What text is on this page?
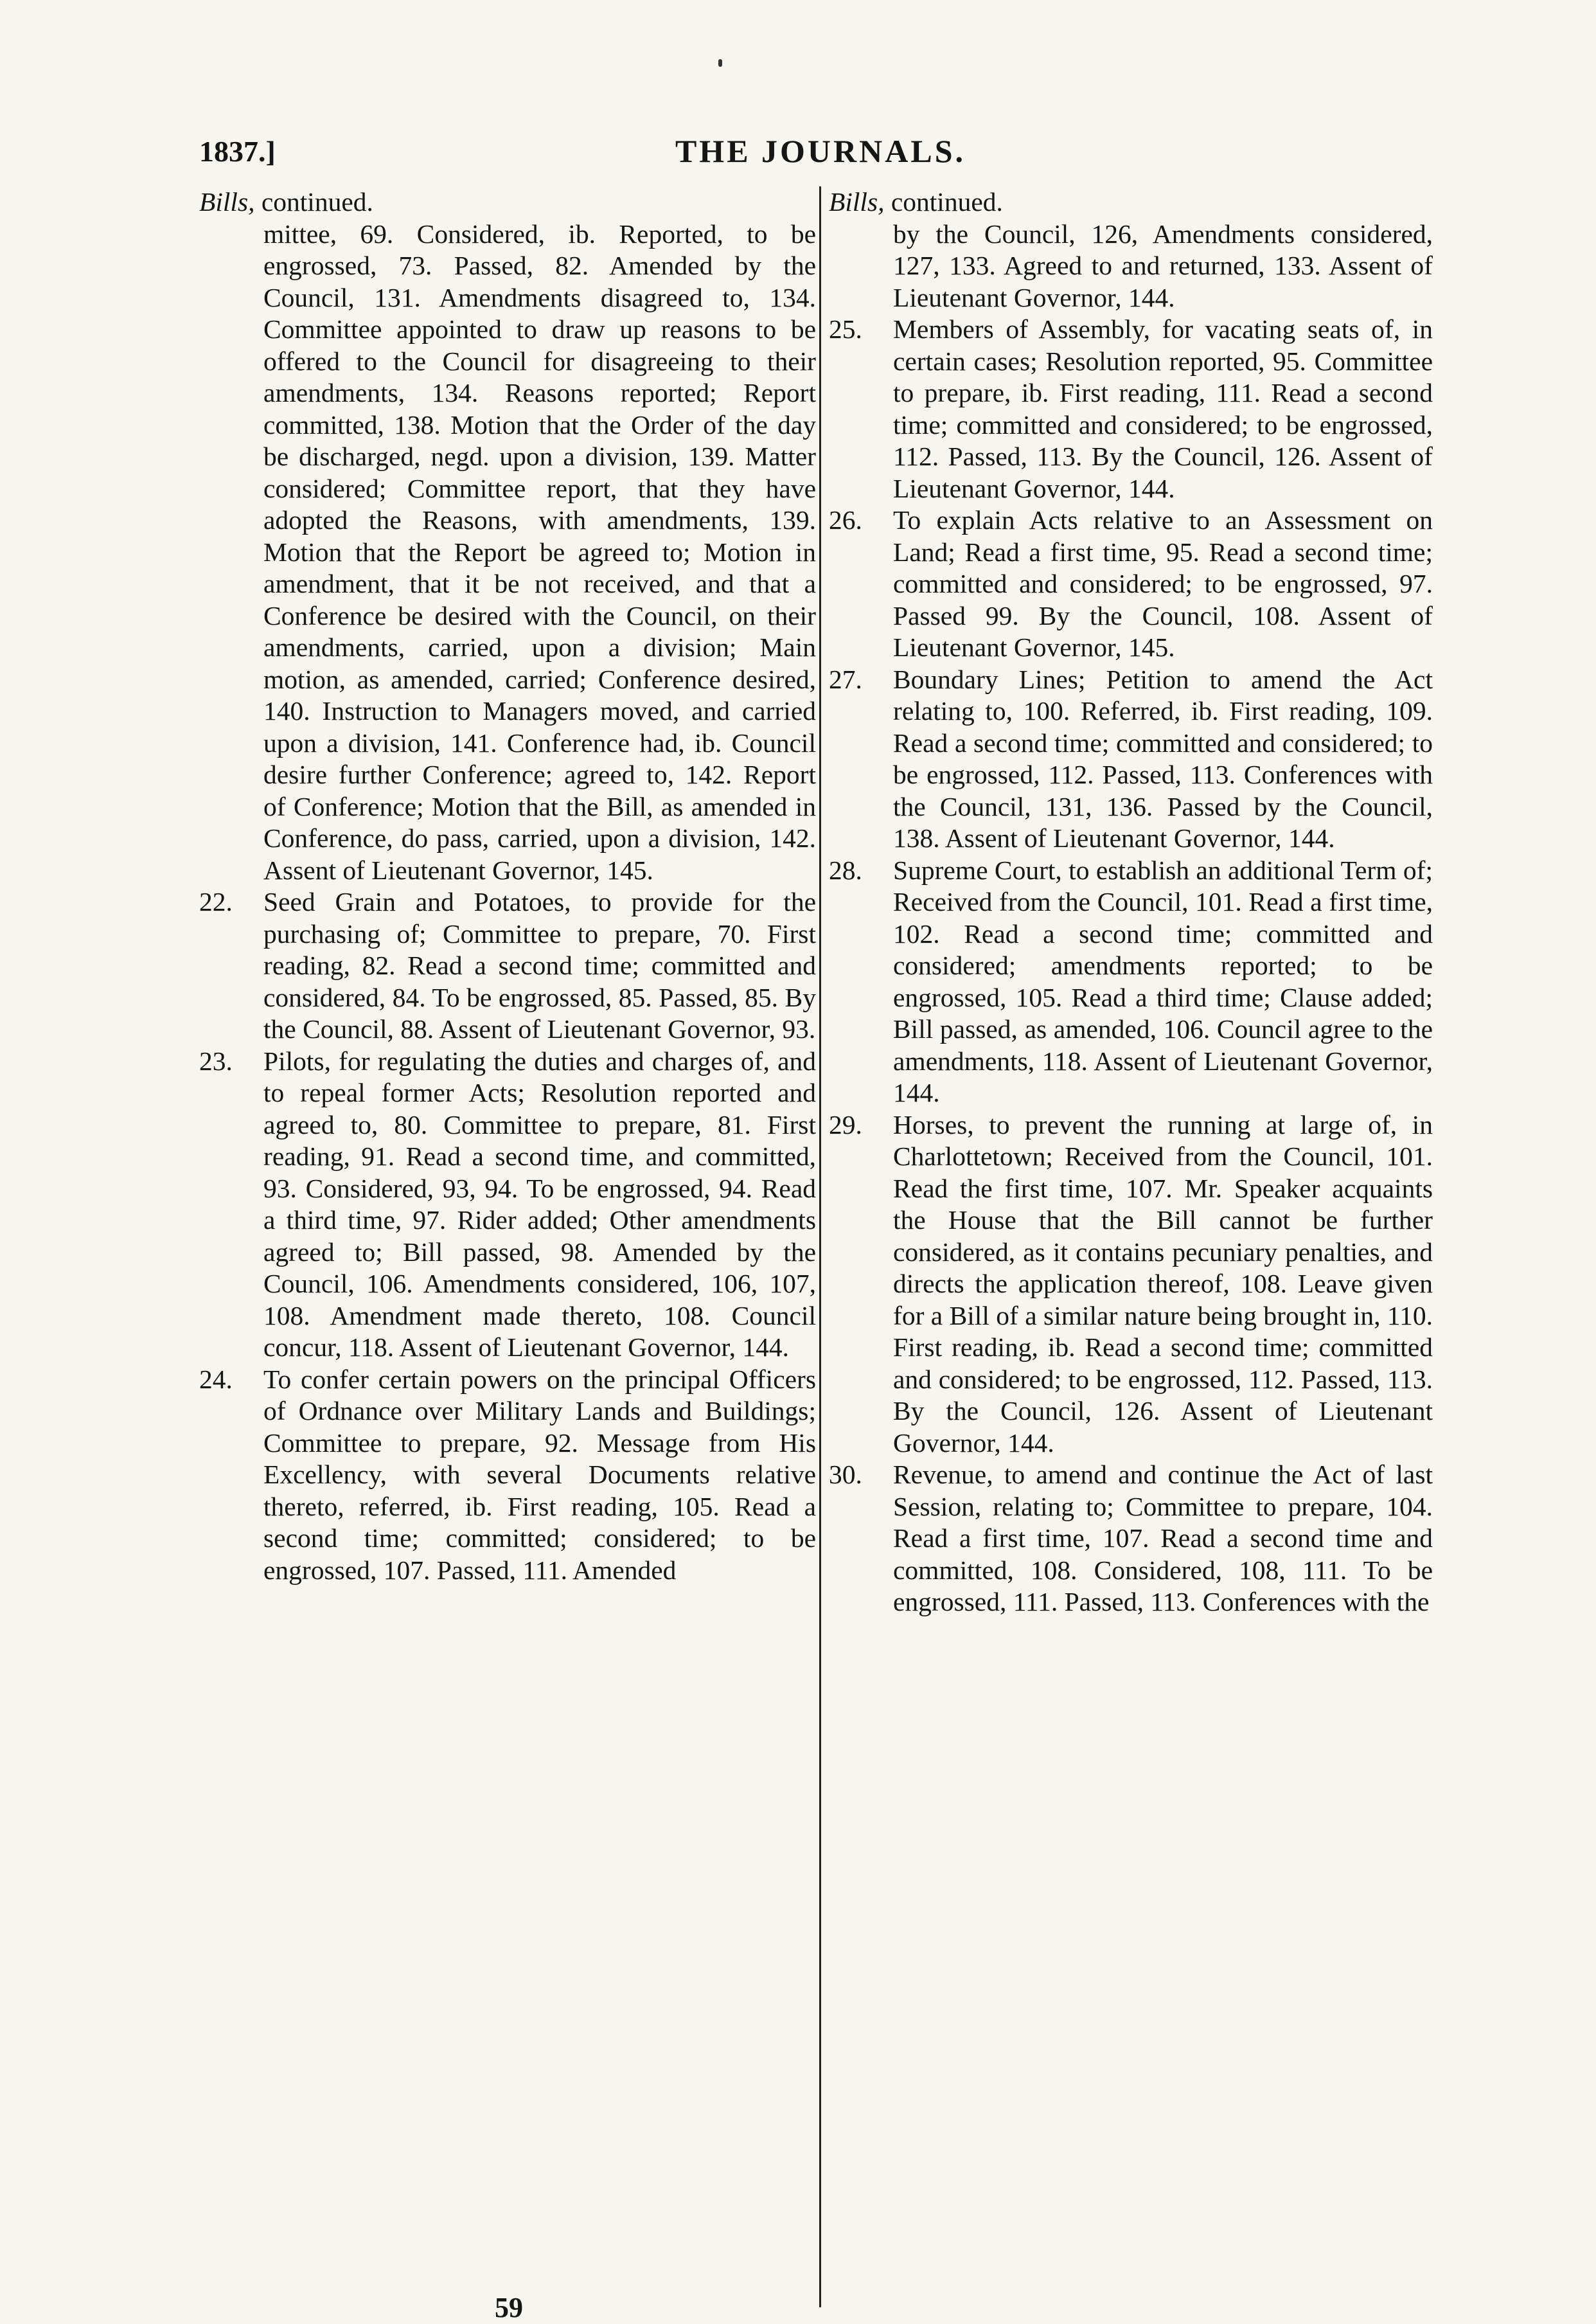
1837.]	THE JOURNALS.
Bills, continued.
mittee, 69. Considered, ib. Reported, to be engrossed, 73. Passed, 82. Amended by the Council, 131. Amendments disagreed to, 134. Committee appointed to draw up reasons to be offered to the Council for disagreeing to their amendments, 134. Reasons reported; Report committed, 138. Motion that the Order of the day be discharged, negd. upon a division, 139. Matter considered; Committee report, that they have adopted the Reasons, with amendments, 139. Motion that the Report be agreed to; Motion in amendment, that it be not received, and that a Conference be desired with the Council, on their amendments, carried, upon a division; Main motion, as amended, carried; Conference desired, 140. Instruction to Managers moved, and carried upon a division, 141. Conference had, ib. Council desire further Conference; agreed to, 142. Report of Conference; Motion that the Bill, as amended in Conference, do pass, carried, upon a division, 142. Assent of Lieutenant Governor, 145.
22.	Seed Grain and Potatoes, to provide for the purchasing of; Committee to prepare, 70. First reading, 82. Read a second time; committed and considered, 84. To be engrossed, 85. Passed, 85. By the Council, 88. Assent of Lieutenant Governor, 93.
23.	Pilots, for regulating the duties and charges of, and to repeal former Acts; Resolution reported and agreed to, 80. Committee to prepare, 81. First reading, 91. Read a second time, and committed, 93. Considered, 93, 94. To be engrossed, 94. Read a third time, 97. Rider added; Other amendments agreed to; Bill passed, 98. Amended by the Council, 106. Amendments considered, 106, 107, 108. Amendment made thereto, 108. Council concur, 118. Assent of Lieutenant Governor, 144.
24.	To confer certain powers on the principal Officers of Ordnance over Military Lands and Buildings; Committee to prepare, 92. Message from His Excellency, with several Documents relative thereto, referred, ib. First reading, 105. Read a second time; committed; considered; to be engrossed, 107. Passed, 111. Amended
Bills, continued.
by the Council, 126, Amendments considered, 127, 133. Agreed to and returned, 133. Assent of Lieutenant Governor, 144.
25.	Members of Assembly, for vacating seats of, in certain cases; Resolution reported, 95. Committee to prepare, ib. First reading, 111. Read a second time; committed and considered; to be engrossed, 112. Passed, 113. By the Council, 126. Assent of Lieutenant Governor, 144.
26.	To explain Acts relative to an Assessment on Land; Read a first time, 95. Read a second time; committed and considered; to be engrossed, 97. Passed 99. By the Council, 108. Assent of Lieutenant Governor, 145.
27.	Boundary Lines; Petition to amend the Act relating to, 100. Referred, ib. First reading, 109. Read a second time; committed and considered; to be engrossed, 112. Passed, 113. Conferences with the Council, 131, 136. Passed by the Council, 138. Assent of Lieutenant Governor, 144.
28.	Supreme Court, to establish an additional Term of; Received from the Council, 101. Read a first time, 102. Read a second time; committed and considered; amendments reported; to be engrossed, 105. Read a third time; Clause added; Bill passed, as amended, 106. Council agree to the amendments, 118. Assent of Lieutenant Governor, 144.
29.	Horses, to prevent the running at large of, in Charlottetown; Received from the Council, 101. Read the first time, 107. Mr. Speaker acquaints the House that the Bill cannot be further considered, as it contains pecuniary penalties, and directs the application thereof, 108. Leave given for a Bill of a similar nature being brought in, 110. First reading, ib. Read a second time; committed and considered; to be engrossed, 112. Passed, 113. By the Council, 126. Assent of Lieutenant Governor, 144.
30.	Revenue, to amend and continue the Act of last Session, relating to; Committee to prepare, 104. Read a first time, 107. Read a second time and committed, 108. Considered, 108, 111. To be engrossed, 111. Passed, 113. Conferences with the
59
